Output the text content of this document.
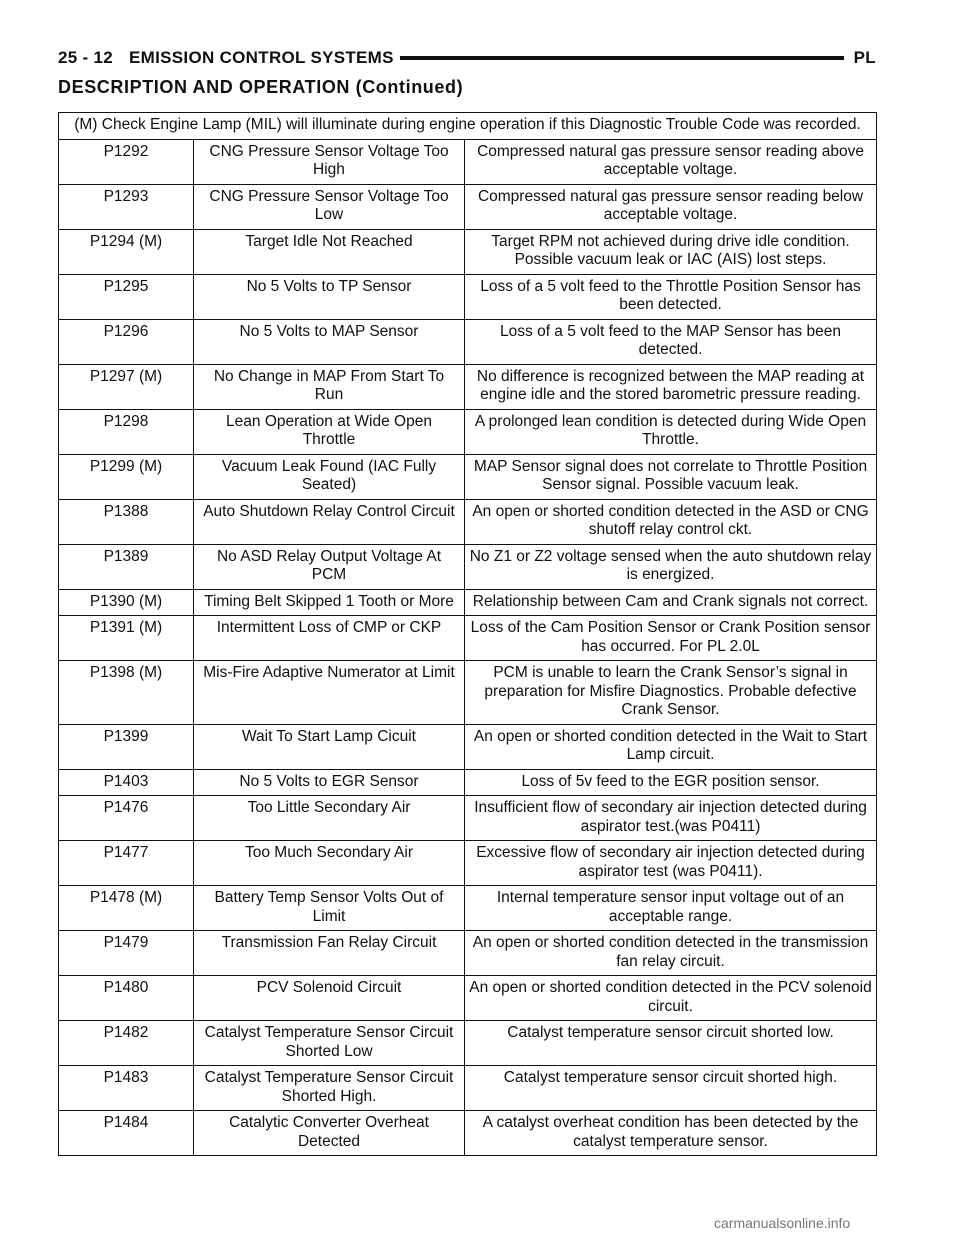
25 - 12 EMISSION CONTROL SYSTEMS	PL
DESCRIPTION AND OPERATION (Continued)
(M) Check Engine Lamp (MIL) will illuminate during engine operation if this Diagnostic Trouble Code was recorded.		
P1292	CNG Pressure Sensor Voltage Too High	Compressed natural gas pressure sensor reading above acceptable voltage.
P1293	CNG Pressure Sensor Voltage Too Low	Compressed natural gas pressure sensor reading below acceptable voltage.
P1294 (M)	Target Idle Not Reached	Target RPM not achieved during drive idle condition. Possible vacuum leak or IAC (AIS) lost steps.
P1295	No 5 Volts to TP Sensor	Loss of a 5 volt feed to the Throttle Position Sensor has been detected.
P1296	No 5 Volts to MAP Sensor	Loss of a 5 volt feed to the MAP Sensor has been detected.
P1297 (M)	No Change in MAP From Start To Run	No difference is recognized between the MAP reading at engine idle and the stored barometric pressure reading.
P1298	Lean Operation at Wide Open Throttle	A prolonged lean condition is detected during Wide Open Throttle.
P1299 (M)	Vacuum Leak Found (IAC Fully Seated)	MAP Sensor signal does not correlate to Throttle Position Sensor signal. Possible vacuum leak.
P1388	Auto Shutdown Relay Control Circuit	An open or shorted condition detected in the ASD or CNG shutoff relay control ckt.
P1389	No ASD Relay Output Voltage At PCM	No Z1 or Z2 voltage sensed when the auto shutdown relay is energized.
P1390 (M)	Timing Belt Skipped 1 Tooth or More	Relationship between Cam and Crank signals not correct.
P1391 (M)	Intermittent Loss of CMP or CKP	Loss of the Cam Position Sensor or Crank Position sensor has occurred. For PL 2.0L
P1398 (M)	Mis-Fire Adaptive Numerator at Limit	PCM is unable to learn the Crank Sensor’s signal in preparation for Misfire Diagnostics. Probable defective Crank Sensor.
P1399	Wait To Start Lamp Cicuit	An open or shorted condition detected in the Wait to Start Lamp circuit.
P1403	No 5 Volts to EGR Sensor	Loss of 5v feed to the EGR position sensor.
P1476	Too Little Secondary Air	Insufficient flow of secondary air injection detected during aspirator test.(was P0411)
P1477	Too Much Secondary Air	Excessive flow of secondary air injection detected during aspirator test (was P0411).
P1478 (M)	Battery Temp Sensor Volts Out of Limit	Internal temperature sensor input voltage out of an acceptable range.
P1479	Transmission Fan Relay Circuit	An open or shorted condition detected in the transmission fan relay circuit.
P1480	PCV Solenoid Circuit	An open or shorted condition detected in the PCV solenoid circuit.
P1482	Catalyst Temperature Sensor Circuit Shorted Low	Catalyst temperature sensor circuit shorted low.
P1483	Catalyst Temperature Sensor Circuit Shorted High.	Catalyst temperature sensor circuit shorted high.
P1484	Catalytic Converter Overheat Detected	A catalyst overheat condition has been detected by the catalyst temperature sensor.
carmanualsonline.info
